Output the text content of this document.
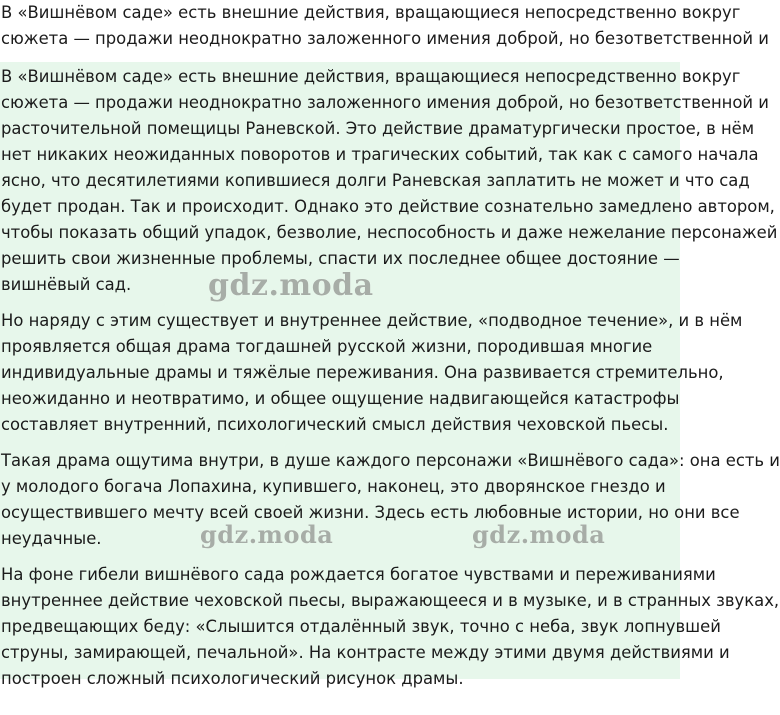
В «Вишнёвом саде» есть внешние действия, вращающиеся непосредственно вокруг
сюжета — продажи неоднократно заложенного имения доброй, но безответственной и

В «Вишнёвом саде» есть внешние действия, вращающиеся непосредственно вокруг
сюжета — продажи неоднократно заложенного имения доброй, но безответственной и
расточительной помещицы Раневской. Это действие драматургически простое, в нём
нет никаких неожиданных поворотов и трагических событий, так как с самого начала
ясно, что десятилетиями копившиеся долги Раневская заплатить не может и что сад
будет продан. Так и происходит. Однако это действие сознательно замедлено автором,
чтобы показать общий упадок, безволие, неспособность и даже нежелание персонажей
решить свои жизненные проблемы, спасти их последнее общее достояние —
вишнёвый сад.

Но наряду с этим существует и внутреннее действие, «подводное течение», и в нём
проявляется общая драма тогдашней русской жизни, породившая многие
индивидуальные драмы и тяжёлые переживания. Она развивается стремительно,
неожиданно и неотвратимо, и общее ощущение надвигающейся катастрофы
составляет внутренний, психологический смысл действия чеховской пьесы.

Такая драма ощутима внутри, в душе каждого персонажи «Вишнёвого сада»: она есть и
у молодого богача Лопахина, купившего, наконец, это дворянское гнездо и
осуществившего мечту всей своей жизни. Здесь есть любовные истории, но они все
неудачные.

На фоне гибели вишнёвого сада рождается богатое чувствами и переживаниями
внутреннее действие чеховской пьесы, выражающееся и в музыке, и в странных звуках,
предвещающих беду: «Слышится отдалённый звук, точно с неба, звук лопнувшей
струны, замирающей, печальной». На контрасте между этими двумя действиями и
построен сложный психологический рисунок драмы.

gdz.moda
gdz.moda	gdz.moda
